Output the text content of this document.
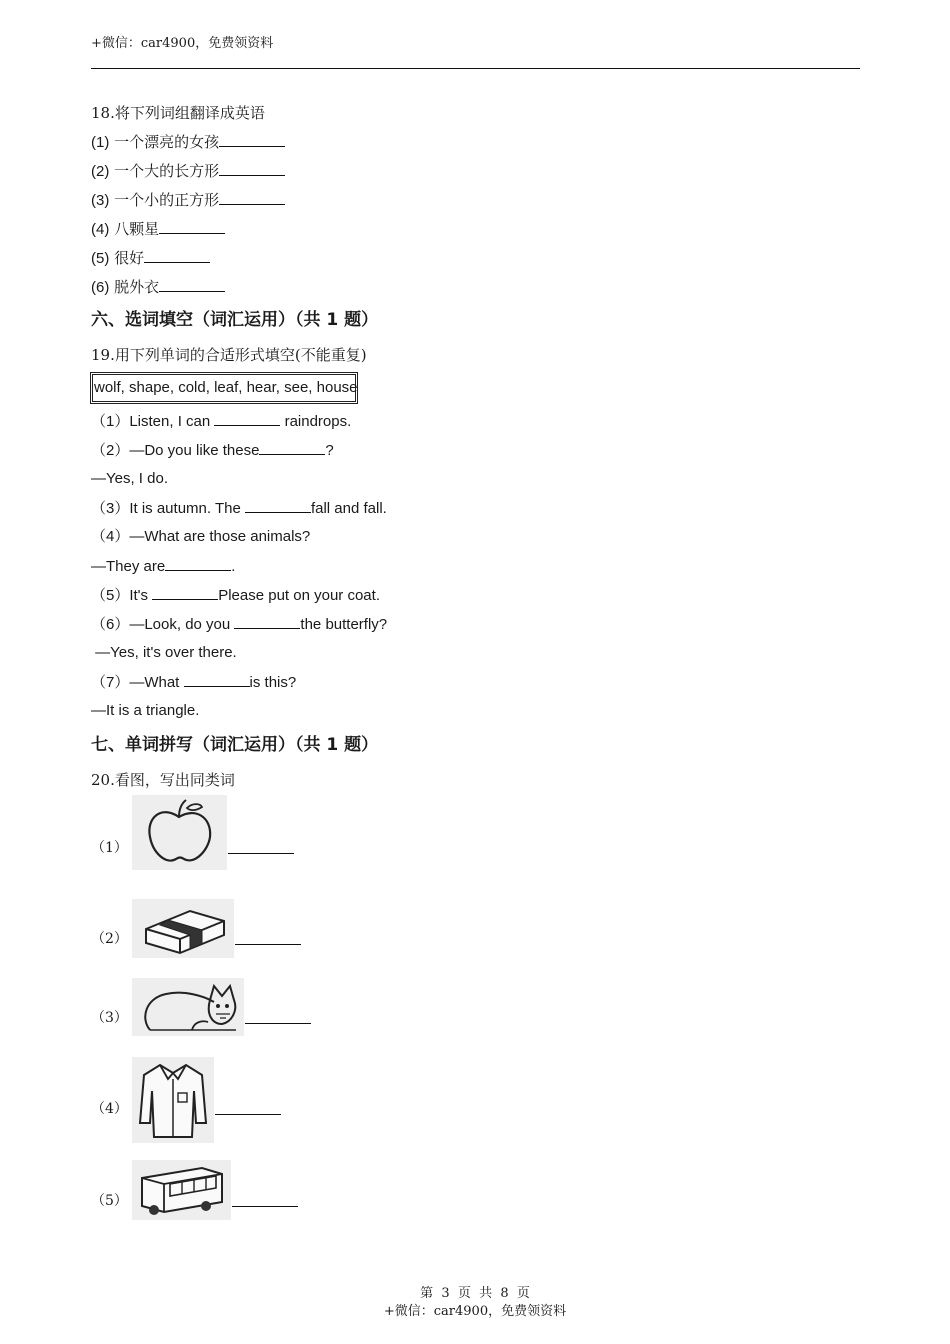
+微信：car4900，免费领资料
18.将下列词组翻译成英语
(1) 一个漂亮的女孩
(2) 一个大的长方形
(3) 一个小的正方形
(4) 八颗星
(5) 很好
(6) 脱外衣
六、选词填空（词汇运用）（共 1 题）
19.用下列单词的合适形式填空(不能重复)
wolf, shape, cold, leaf, hear, see, house
（1）Listen, I can	raindrops.
（2）—Do you like these	?
—Yes, I do.
（3）It is autumn. The	fall and fall.
（4）—What are those animals?
—They are	.
（5）It's	Please put on your coat.
（6）—Look, do you	the butterfly?
—Yes, it's over there.
（7）—What	is this?
—It is a triangle.
七、单词拼写（词汇运用）（共 1 题）
20.看图，写出同类词
（1）
（2）
（3）
（4）
（5）
第  3  页  共  8  页
+微信：car4900，免费领资料
